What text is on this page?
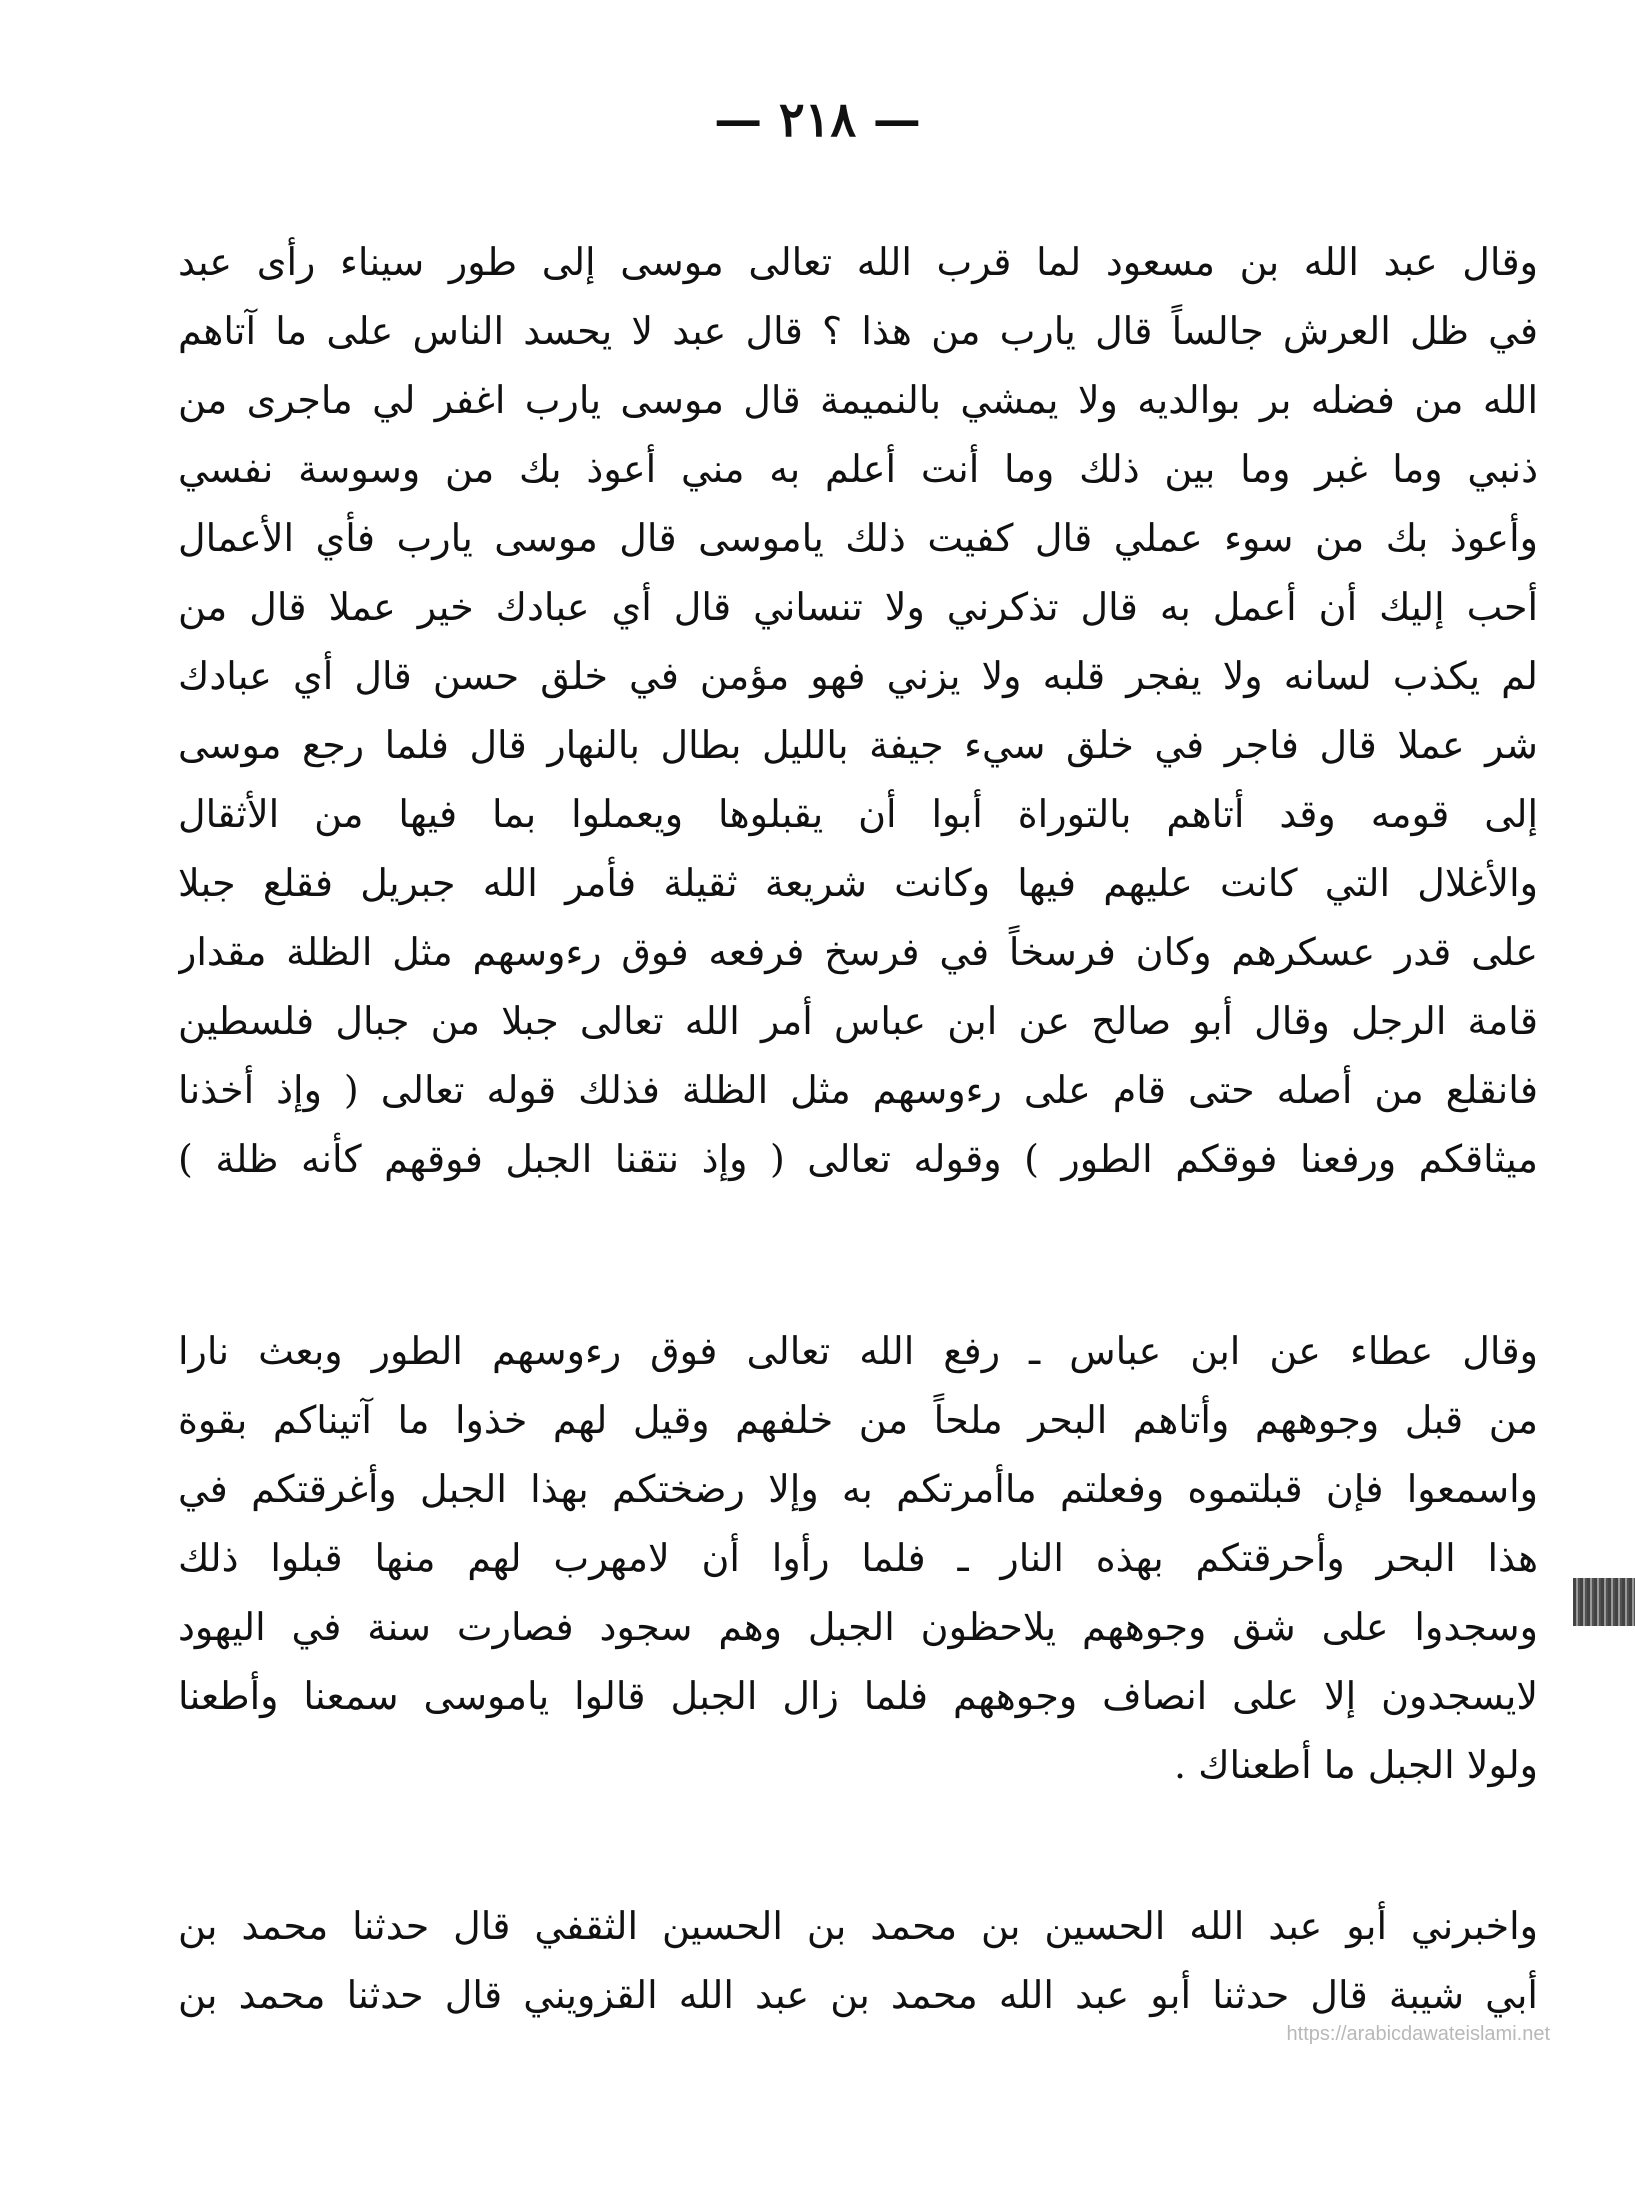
— ٢١٨ —
وقال عبد الله بن مسعود لما قرب الله تعالى موسى إلى طور سيناء رأى عبد
في ظل العرش جالساً قال يارب من هذا ؟ قال عبد لا يحسد الناس على ما آتاهم
الله من فضله بر بوالديه ولا يمشي بالنميمة قال موسى يارب اغفر لي ماجرى من
ذنبي وما غبر وما بين ذلك وما أنت أعلم به مني أعوذ بك من وسوسة نفسي
وأعوذ بك من سوء عملي قال كفيت ذلك ياموسى قال موسى يارب فأي الأعمال
أحب إليك أن أعمل به قال تذكرني ولا تنساني قال أي عبادك خير عملا قال من
لم يكذب لسانه ولا يفجر قلبه ولا يزني فهو مؤمن في خلق حسن قال أي عبادك
شر عملا قال فاجر في خلق سيء جيفة بالليل بطال بالنهار قال فلما رجع موسى
إلى قومه وقد أتاهم بالتوراة أبوا أن يقبلوها ويعملوا بما فيها من الأثقال
والأغلال التي كانت عليهم فيها وكانت شريعة ثقيلة فأمر الله جبريل فقلع جبلا
على قدر عسكرهم وكان فرسخاً في فرسخ فرفعه فوق رءوسهم مثل الظلة مقدار
قامة الرجل وقال أبو صالح عن ابن عباس أمر الله تعالى جبلا من جبال فلسطين
فانقلع من أصله حتى قام على رءوسهم مثل الظلة فذلك قوله تعالى ( وإذ أخذنا
ميثاقكم ورفعنا فوقكم الطور ) وقوله تعالى ( وإذ نتقنا الجبل فوقهم كأنه ظلة )
وقال عطاء عن ابن عباس ـ رفع الله تعالى فوق رءوسهم الطور وبعث نارا
من قبل وجوههم وأتاهم البحر ملحاً من خلفهم وقيل لهم خذوا ما آتيناكم بقوة
واسمعوا فإن قبلتموه وفعلتم ماأمرتكم به وإلا رضختكم بهذا الجبل وأغرقتكم في
هذا البحر وأحرقتكم بهذه النار ـ فلما رأوا أن لامهرب لهم منها قبلوا ذلك
وسجدوا على شق وجوههم يلاحظون الجبل وهم سجود فصارت سنة في اليهود
لايسجدون إلا على انصاف وجوههم فلما زال الجبل قالوا ياموسى سمعنا وأطعنا
ولولا الجبل ما أطعناك .
واخبرني أبو عبد الله الحسين بن محمد بن الحسين الثقفي قال حدثنا محمد بن
أبي شيبة قال حدثنا أبو عبد الله محمد بن عبد الله القزويني قال حدثنا محمد بن
https://arabicdawateislami.net
